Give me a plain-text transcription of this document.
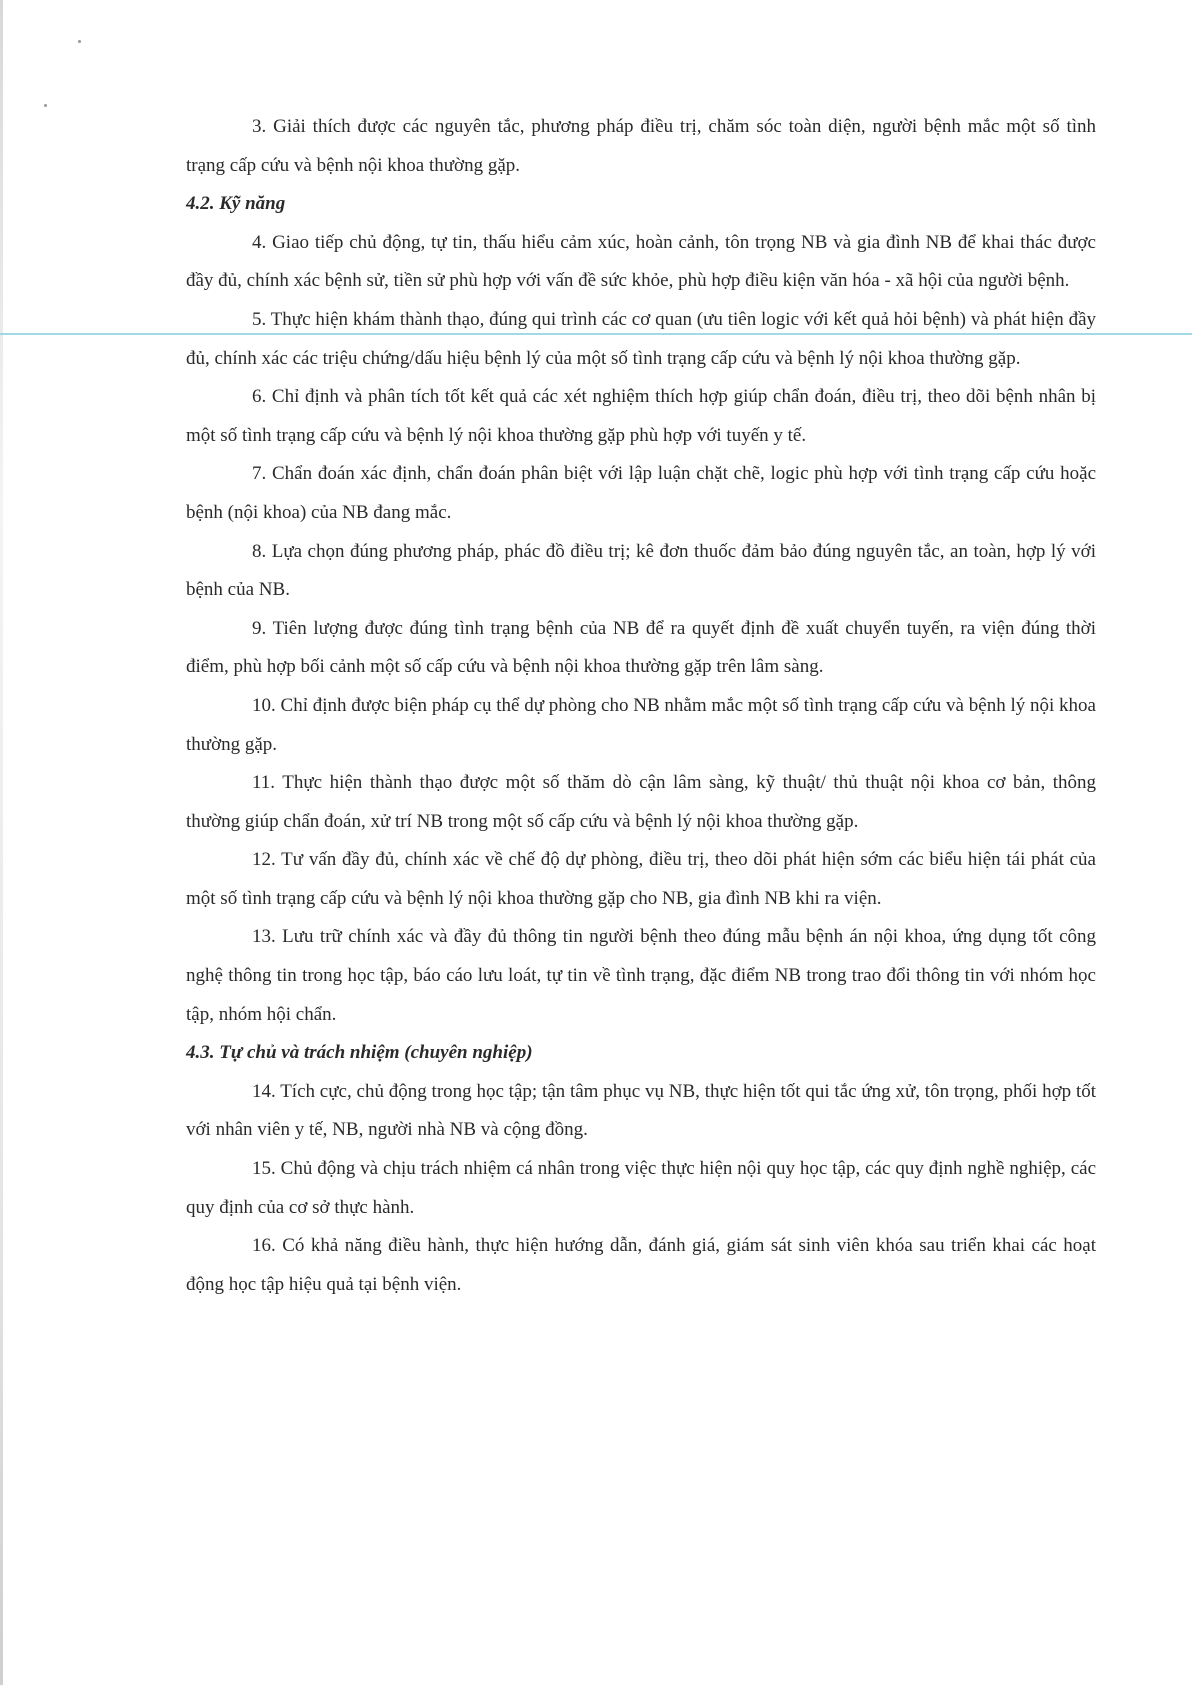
3. Giải thích được các nguyên tắc, phương pháp điều trị, chăm sóc toàn diện, người bệnh mắc một số tình trạng cấp cứu và bệnh nội khoa thường gặp.

4.2. Kỹ năng

4. Giao tiếp chủ động, tự tin, thấu hiểu cảm xúc, hoàn cảnh, tôn trọng NB và gia đình NB để khai thác được đầy đủ, chính xác bệnh sử, tiền sử phù hợp với vấn đề sức khỏe, phù hợp điều kiện văn hóa - xã hội của người bệnh.

5. Thực hiện khám thành thạo, đúng qui trình các cơ quan (ưu tiên logic với kết quả hỏi bệnh) và phát hiện đầy đủ, chính xác các triệu chứng/dấu hiệu bệnh lý của một số tình trạng cấp cứu và bệnh lý nội khoa thường gặp.

6. Chỉ định và phân tích tốt kết quả các xét nghiệm thích hợp giúp chẩn đoán, điều trị, theo dõi bệnh nhân bị một số tình trạng cấp cứu và bệnh lý nội khoa thường gặp phù hợp với tuyến y tế.

7. Chẩn đoán xác định, chẩn đoán phân biệt với lập luận chặt chẽ, logic phù hợp với tình trạng cấp cứu hoặc bệnh (nội khoa) của NB đang mắc.

8. Lựa chọn đúng phương pháp, phác đồ điều trị; kê đơn thuốc đảm bảo đúng nguyên tắc, an toàn, hợp lý với bệnh của NB.

9. Tiên lượng được đúng tình trạng bệnh của NB để ra quyết định đề xuất chuyển tuyến, ra viện đúng thời điểm, phù hợp bối cảnh một số cấp cứu và bệnh nội khoa thường gặp trên lâm sàng.

10. Chỉ định được biện pháp cụ thể dự phòng cho NB nhằm mắc một số tình trạng cấp cứu và bệnh lý nội khoa thường gặp.

11. Thực hiện thành thạo được một số thăm dò cận lâm sàng, kỹ thuật/ thủ thuật nội khoa cơ bản, thông thường giúp chẩn đoán, xử trí NB trong một số cấp cứu và bệnh lý nội khoa thường gặp.

12. Tư vấn đầy đủ, chính xác về chế độ dự phòng, điều trị, theo dõi phát hiện sớm các biểu hiện tái phát của một số tình trạng cấp cứu và bệnh lý nội khoa thường gặp cho NB, gia đình NB khi ra viện.

13. Lưu trữ chính xác và đầy đủ thông tin người bệnh theo đúng mẫu bệnh án nội khoa, ứng dụng tốt công nghệ thông tin trong học tập, báo cáo lưu loát, tự tin về tình trạng, đặc điểm NB trong trao đổi thông tin với nhóm học tập, nhóm hội chẩn.

4.3. Tự chủ và trách nhiệm (chuyên nghiệp)

14. Tích cực, chủ động trong học tập; tận tâm phục vụ NB, thực hiện tốt qui tắc ứng xử, tôn trọng, phối hợp tốt với nhân viên y tế, NB, người nhà NB và cộng đồng.

15. Chủ động và chịu trách nhiệm cá nhân trong việc thực hiện nội quy học tập, các quy định nghề nghiệp, các quy định của cơ sở thực hành.

16. Có khả năng điều hành, thực hiện hướng dẫn, đánh giá, giám sát sinh viên khóa sau triển khai các hoạt động học tập hiệu quả tại bệnh viện.
